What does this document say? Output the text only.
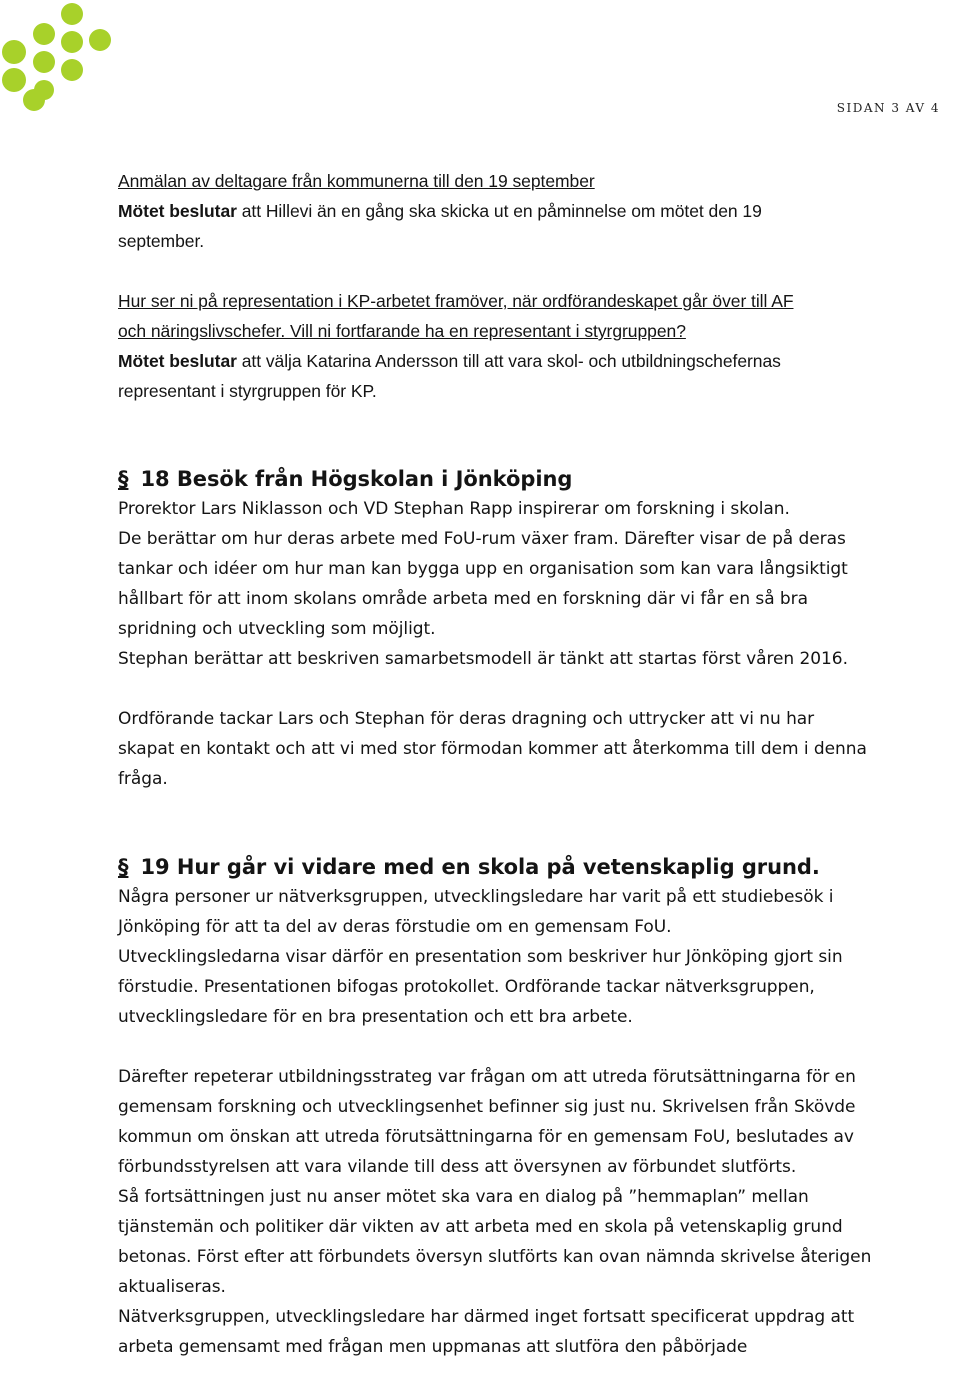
SIDAN 3 AV 4
Anmälan av deltagare från kommunerna till den 19 september
Mötet beslutar att Hillevi än en gång ska skicka ut en påminnelse om mötet den 19
september.
Hur ser ni på representation i KP-arbetet framöver, när ordförandeskapet går över till AF
och näringslivschefer. Vill ni fortfarande ha en representant i styrgruppen?
Mötet beslutar att välja Katarina Andersson till att vara skol- och utbildningschefernas
representant i styrgruppen för KP.
§ 18 Besök från Högskolan i Jönköping
Prorektor Lars Niklasson och VD Stephan Rapp inspirerar om forskning i skolan.
De berättar om hur deras arbete med FoU-rum växer fram. Därefter visar de på deras
tankar och idéer om hur man kan bygga upp en organisation som kan vara långsiktigt
hållbart för att inom skolans område arbeta med en forskning där vi får en så bra
spridning och utveckling som möjligt.
Stephan berättar att beskriven samarbetsmodell är tänkt att startas först våren 2016.
Ordförande tackar Lars och Stephan för deras dragning och uttrycker att vi nu har
skapat en kontakt och att vi med stor förmodan kommer att återkomma till dem i denna
fråga.
§ 19 Hur går vi vidare med en skola på vetenskaplig grund.
Några personer ur nätverksgruppen, utvecklingsledare har varit på ett studiebesök i
Jönköping för att ta del av deras förstudie om en gemensam FoU.
Utvecklingsledarna visar därför en presentation som beskriver hur Jönköping gjort sin
förstudie. Presentationen bifogas protokollet. Ordförande tackar nätverksgruppen,
utvecklingsledare för en bra presentation och ett bra arbete.
Därefter repeterar utbildningsstrateg var frågan om att utreda förutsättningarna för en
gemensam forskning och utvecklingsenhet befinner sig just nu. Skrivelsen från Skövde
kommun om önskan att utreda förutsättningarna för en gemensam FoU, beslutades av
förbundsstyrelsen att vara vilande till dess att översynen av förbundet slutförts.
Så fortsättningen just nu anser mötet ska vara en dialog på ”hemmaplan” mellan
tjänstemän och politiker där vikten av att arbeta med en skola på vetenskaplig grund
betonas. Först efter att förbundets översyn slutförts kan ovan nämnda skrivelse återigen
aktualiseras.
Nätverksgruppen, utvecklingsledare har därmed inget fortsatt specificerat uppdrag att
arbeta gemensamt med frågan men uppmanas att slutföra den påbörjade
